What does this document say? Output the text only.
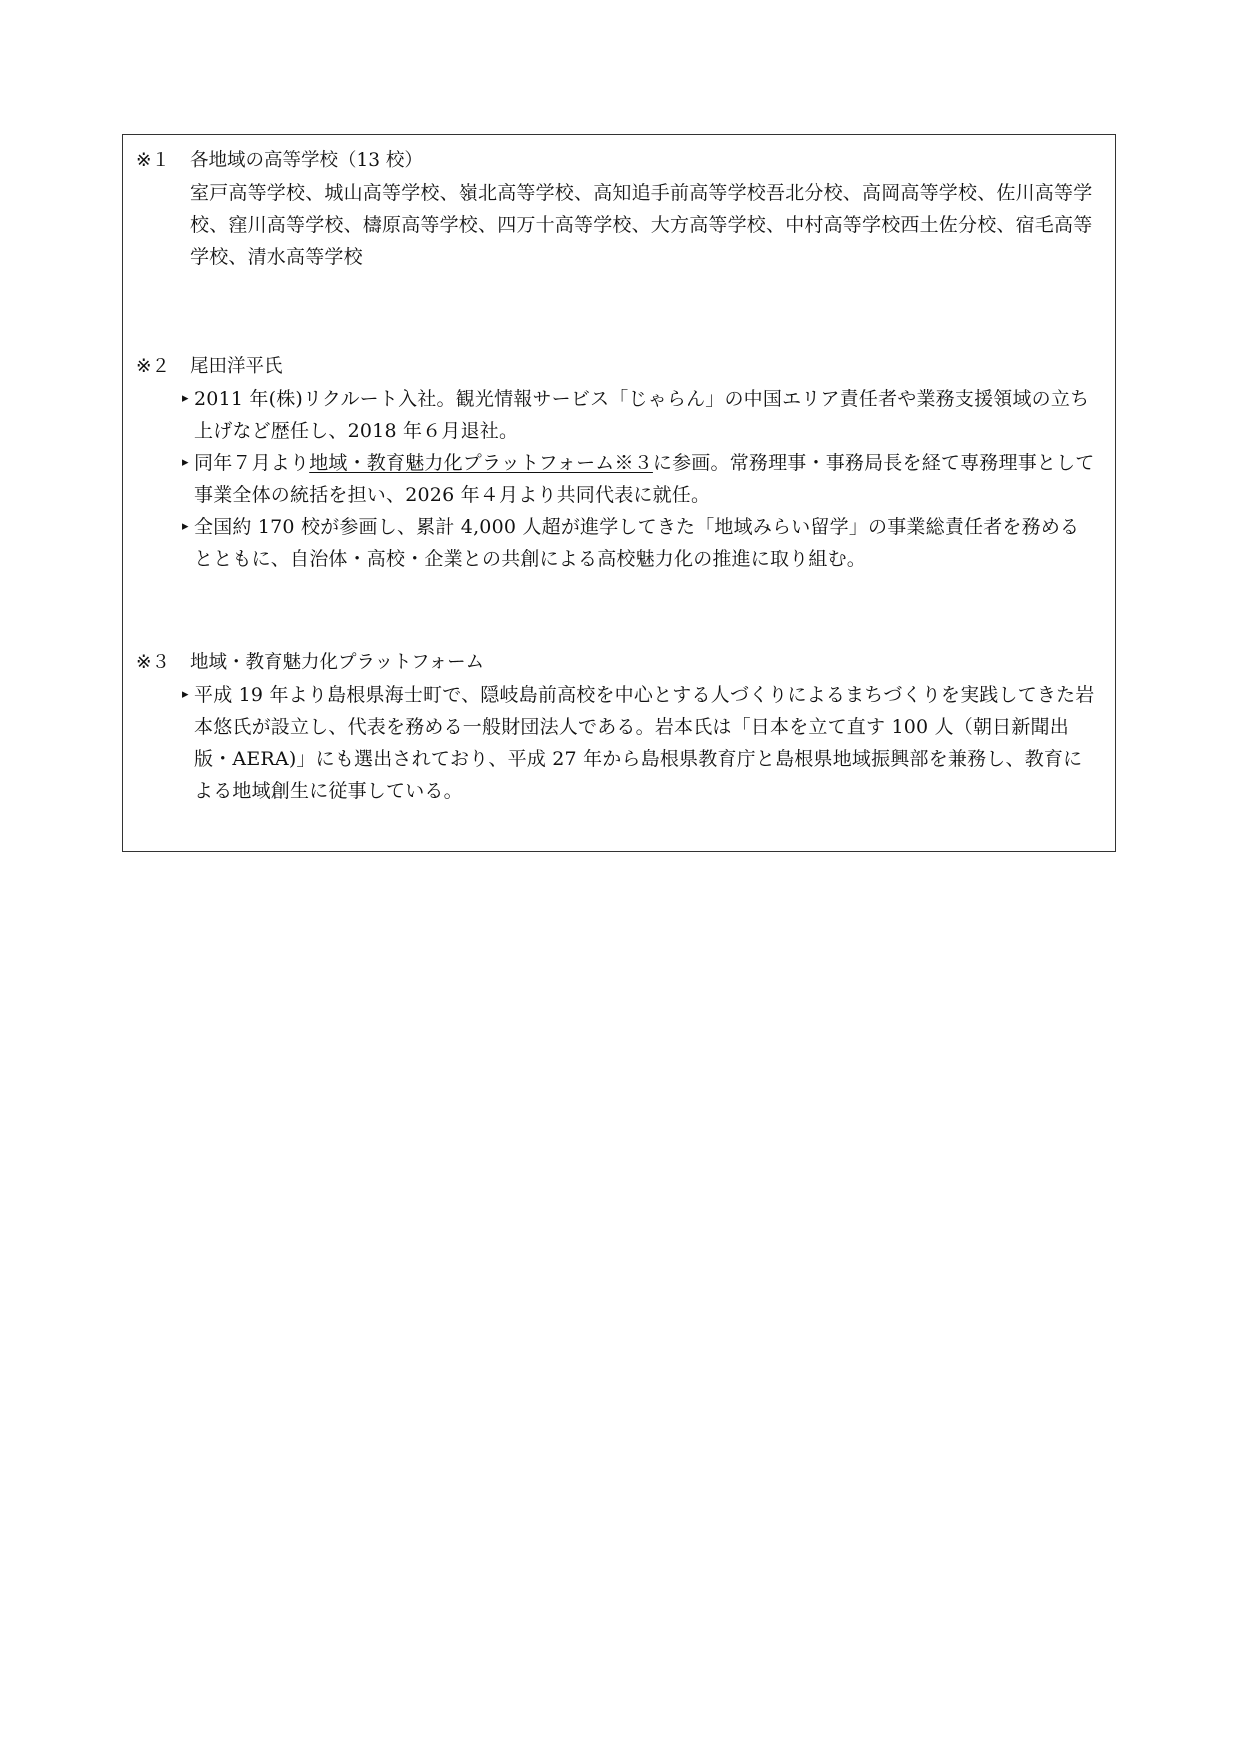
※１ 各地域の高等学校（13 校）
室戸高等学校、城山高等学校、嶺北高等学校、高知追手前高等学校吾北分校、高岡高等学校、佐川高等学校、窪川高等学校、檮原高等学校、四万十高等学校、大方高等学校、中村高等学校西土佐分校、宿毛高等学校、清水高等学校
※２ 尾田洋平氏
▸ 2011 年(株)リクルート入社。観光情報サービス「じゃらん」の中国エリア責任者や業務支援領域の立ち上げなど歴任し、2018 年６月退社。
▸ 同年７月より地域・教育魅力化プラットフォーム※３に参画。常務理事・事務局長を経て専務理事として事業全体の統括を担い、2026 年４月より共同代表に就任。
▸ 全国約 170 校が参画し、累計 4,000 人超が進学してきた「地域みらい留学」の事業総責任者を務めるとともに、自治体・高校・企業との共創による高校魅力化の推進に取り組む。
※３ 地域・教育魅力化プラットフォーム
▸ 平成 19 年より島根県海士町で、隠岐島前高校を中心とする人づくりによるまちづくりを実践してきた岩本悠氏が設立し、代表を務める一般財団法人である。岩本氏は「日本を立て直す 100 人（朝日新聞出版・AERA)」にも選出されており、平成 27 年から島根県教育庁と島根県地域振興部を兼務し、教育による地域創生に従事している。
